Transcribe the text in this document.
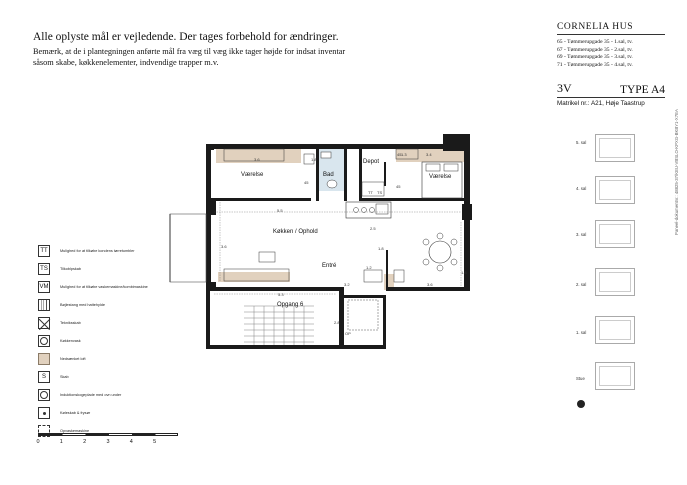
Alle oplyste mål er vejledende. Der tages forbehold for ændringer.

Bemærk, at de i plantegningen anførte mål fra væg til væg ikke tager højde for indsat inventar såsom skabe, køkkenelementer, indvendige trapper m.v.

CORNELIA HUS
65 - Tømmerupgade 35 - 1.sal, tv.
67 - Tømmerupgade 35 - 2.sal, tv.
69 - Tømmerupgade 35 - 3.sal, tv.
71 - Tømmerupgade 35 - 4.sal, tv.
3V	TYPE A4
Matrikel nr.: A21, Høje Taastrup
Paneel-dokumentnr.: 48825-37/KEU-VBSLO-KPXG-BKBY1-X7EA
Værelse	Bad
Depot
Værelse
Køkken / Ophold
Entré
Opgang 6
3.6	1.8
3.4
5.5
2.5
1.8
5.3
3.6
3.2
1.2
3.6
1.8
1.3
2.8
45
45
45
TT TS
OP
TT	Mulighed for at tilkøbe kondens tørretumbler
TS	Tilkoblpskab
VM	Mulighed for at tilkøbe vaskemaskine/kombimaskine
Bøjlestang med hattehylde
Tekniksskab
Køkkenvask
Nedsænket loft
S	Skab
Induktionskogeplade med ovn under
Køleskab & frysør
Opvaskemaskine
0	1	2	3	4	5
5. sal
4. sal
3. sal
2. sal
1. sal
Stue
